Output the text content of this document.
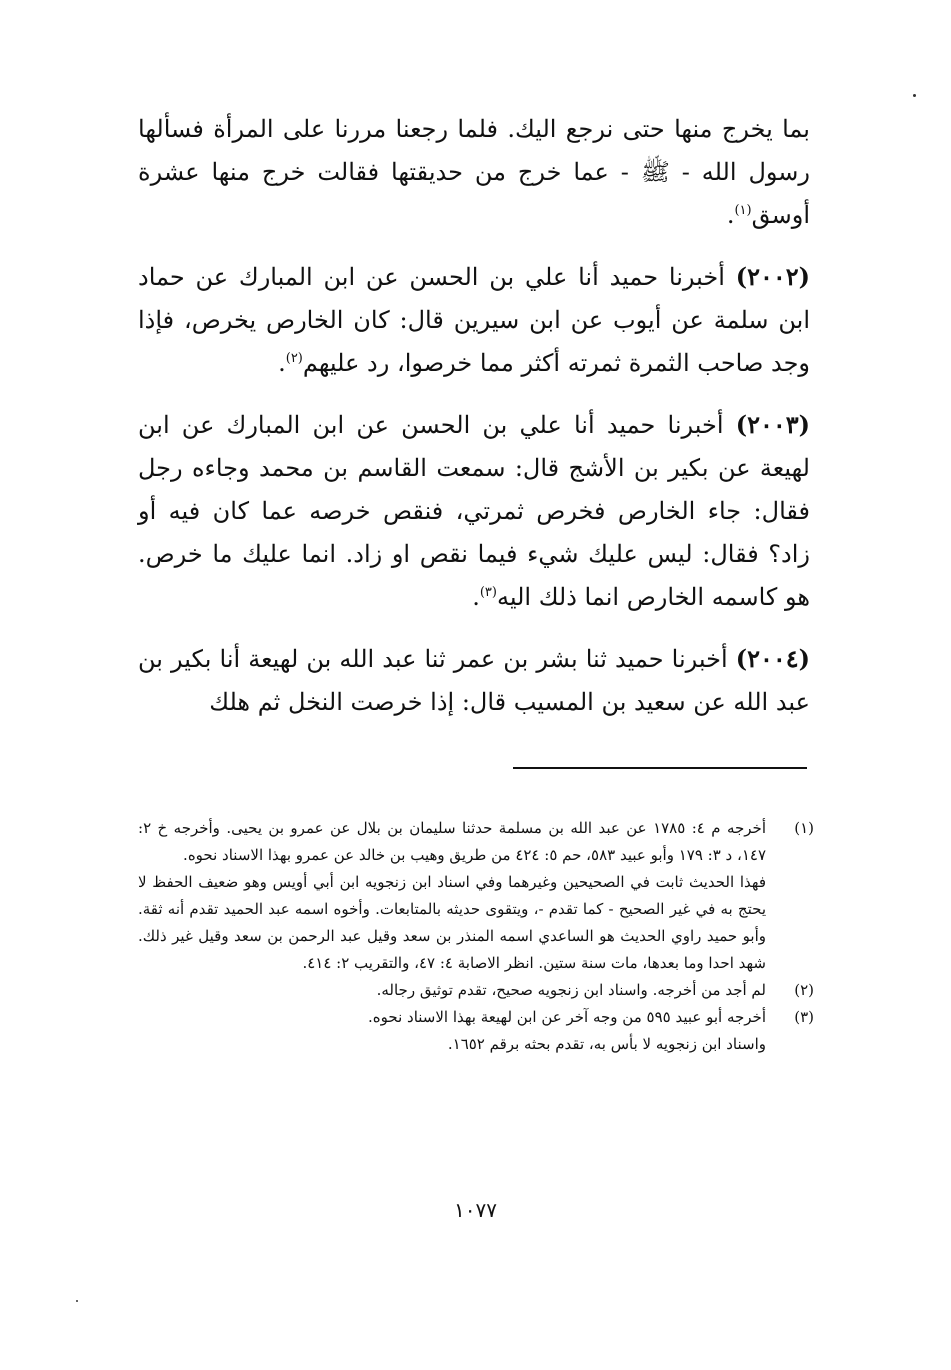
بما يخرج منها حتى نرجع اليك. فلما رجعنا مررنا على المرأة فسألها رسول الله - ﷺ - عما خرج من حديقتها فقالت خرج منها عشرة أوسق$^{(١)}$.

(٢٠٠٢) أخبرنا حميد أنا علي بن الحسن عن ابن المبارك عن حماد ابن سلمة عن أيوب عن ابن سيرين قال: كان الخارص يخرص، فإذا وجد صاحب الثمرة ثمرته أكثر مما خرصوا، رد عليهم$^{(٢)}$.

(٢٠٠٣) أخبرنا حميد أنا علي بن الحسن عن ابن المبارك عن ابن لهيعة عن بكير بن الأشج قال: سمعت القاسم بن محمد وجاءه رجل فقال: جاء الخارص فخرص ثمرتي، فنقص خرصه عما كان فيه أو زاد؟ فقال: ليس عليك شيء فيما نقص او زاد. انما عليك ما خرص. هو كاسمه الخارص انما ذلك اليه$^{(٣)}$.

(٢٠٠٤) أخبرنا حميد ثنا بشر بن عمر ثنا عبد الله بن لهيعة أنا بكير بن عبد الله عن سعيد بن المسيب قال: إذا خرصت النخل ثم هلك

(١)
أخرجه م ٤: ١٧٨٥ عن عبد الله بن مسلمة حدثنا سليمان بن بلال عن عمرو بن يحيى. وأخرجه خ ٢: ١٤٧، د ٣: ١٧٩ وأبو عبيد ٥٨٣، حم ٥: ٤٢٤ من طريق وهيب بن خالد عن عمرو بهذا الاسناد نحوه.
فهذا الحديث ثابت في الصحيحين وغيرهما وفي اسناد ابن زنجويه ابن أبي أويس وهو ضعيف الحفظ لا يحتج به في غير الصحيح - كما تقدم -، ويتقوى حديثه بالمتابعات. وأخوه اسمه عبد الحميد تقدم أنه ثقة. وأبو حميد راوي الحديث هو الساعدي اسمه المنذر بن سعد وقيل عبد الرحمن بن سعد وقيل غير ذلك. شهد احدا وما بعدها، مات سنة ستين. انظر الاصابة ٤: ٤٧، والتقريب ٢: ٤١٤.
(٢)
لم أجد من أخرجه. واسناد ابن زنجويه صحيح، تقدم توثيق رجاله.
(٣)
أخرجه أبو عبيد ٥٩٥ من وجه آخر عن ابن لهيعة بهذا الاسناد نحوه.
واسناد ابن زنجويه لا بأس به، تقدم بحثه برقم ١٦٥٢.
١٠٧٧
